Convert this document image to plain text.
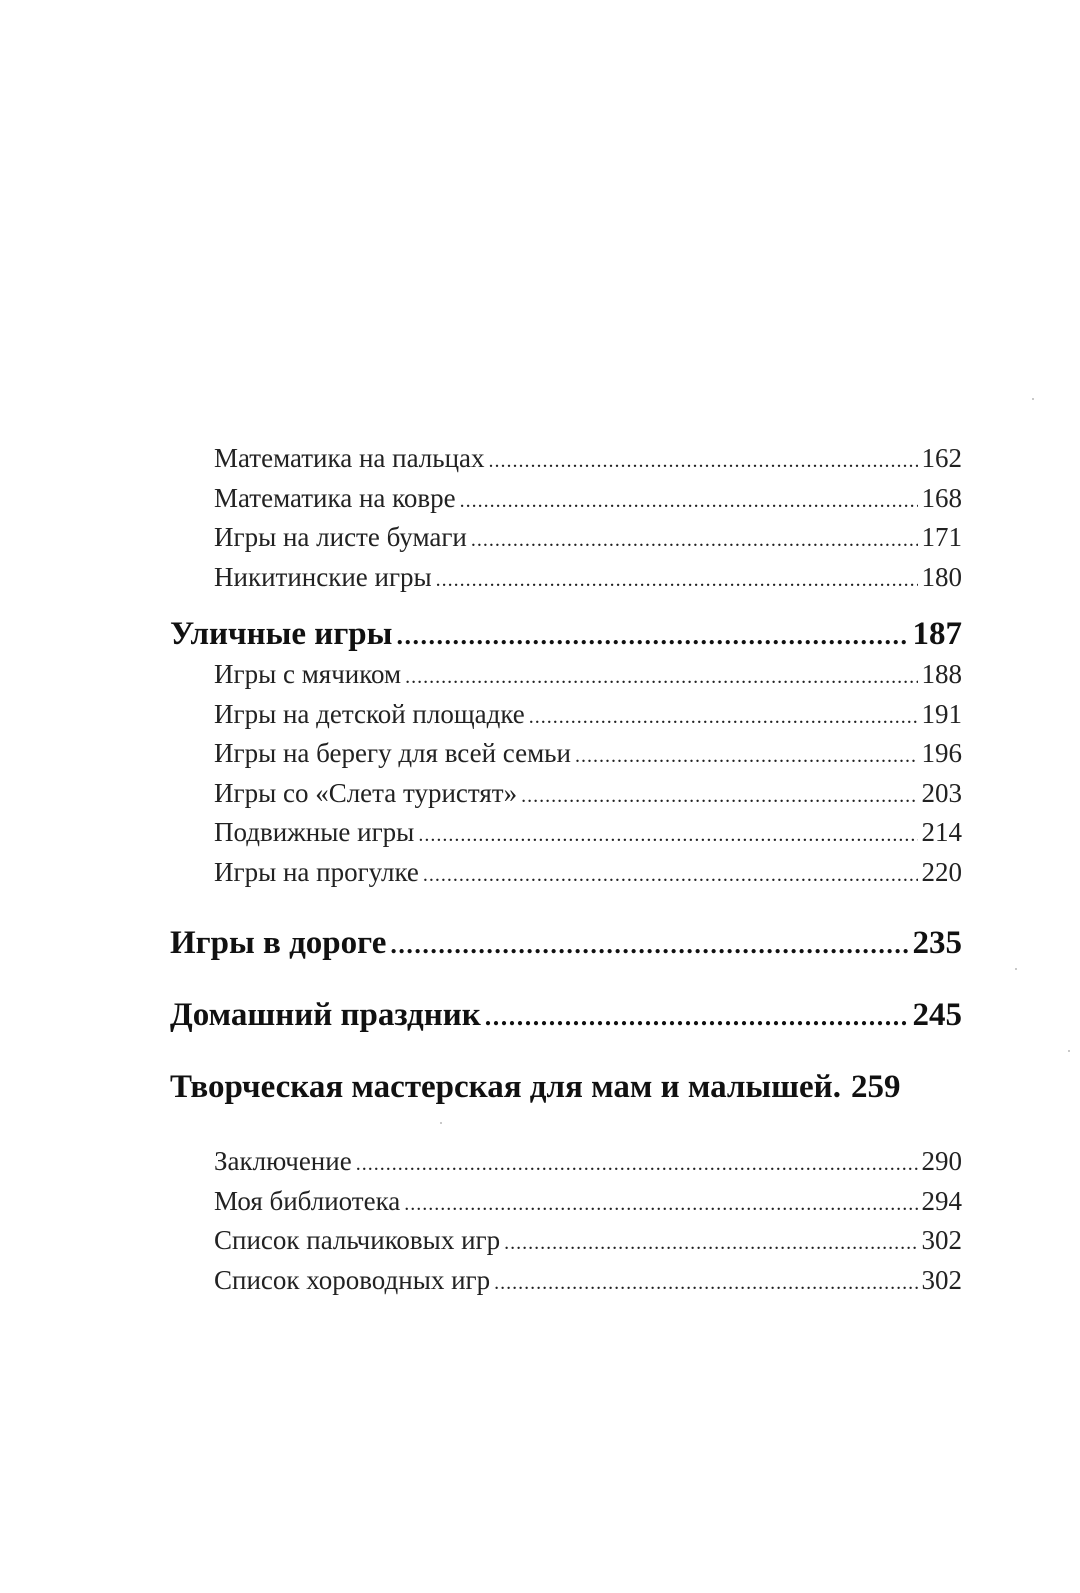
Математика на пальцах .....	162
Математика на ковре .....	168
Игры на листе бумаги .....	171
Никитинские игры .....	180
Уличные игры .....	187
Игры с мячиком .....	188
Игры на детской площадке .....	191
Игры на берегу для всей семьи .....	196
Игры со «Слета туристят» .....	203
Подвижные игры .....	214
Игры на прогулке .....	220
Игры в дороге .....	235
Домашний праздник .....	245
Творческая мастерская для мам и малышей. 259
Заключение .....	290
Моя библиотека .....	294
Список пальчиковых игр .....	302
Список хороводных игр .....	302
